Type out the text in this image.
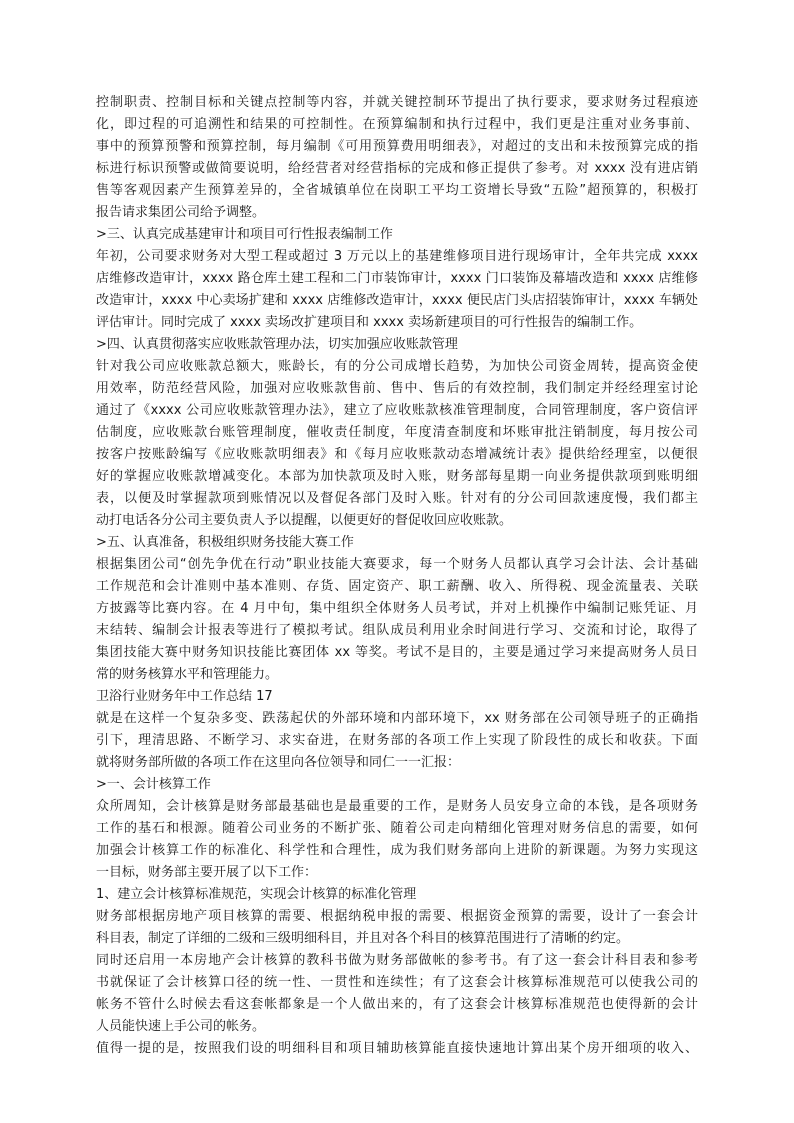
控制职责、控制目标和关键点控制等内容，并就关键控制环节提出了执行要求，要求财务过程痕迹
化，即过程的可追溯性和结果的可控制性。在预算编制和执行过程中，我们更是注重对业务事前、
事中的预算预警和预算控制，每月编制《可用预算费用明细表》，对超过的支出和未按预算完成的指
标进行标识预警或做简要说明，给经营者对经营指标的完成和修正提供了参考。对 xxxx 没有进店销
售等客观因素产生预算差异的，全省城镇单位在岗职工平均工资增长导致“五险”超预算的，积极打
报告请求集团公司给予调整。
>三、认真完成基建审计和项目可行性报表编制工作
年初，公司要求财务对大型工程或超过 3 万元以上的基建维修项目进行现场审计，全年共完成 xxxx
店维修改造审计，xxxx 路仓库土建工程和二门市装饰审计，xxxx 门口装饰及幕墙改造和 xxxx 店维修
改造审计，xxxx 中心卖场扩建和 xxxx 店维修改造审计，xxxx 便民店门头店招装饰审计，xxxx 车辆处
评估审计。同时完成了 xxxx 卖场改扩建项目和 xxxx 卖场新建项目的可行性报告的编制工作。
>四、认真贯彻落实应收账款管理办法，切实加强应收账款管理
针对我公司应收账款总额大，账龄长，有的分公司成增长趋势，为加快公司资金周转，提高资金使
用效率，防范经营风险，加强对应收账款售前、售中、售后的有效控制，我们制定并经经理室讨论
通过了《xxxx 公司应收账款管理办法》，建立了应收账款核准管理制度，合同管理制度，客户资信评
估制度，应收账款台账管理制度，催收责任制度，年度清查制度和坏账审批注销制度，每月按公司
按客户按账龄编写《应收账款明细表》和《每月应收账款动态增减统计表》提供给经理室，以便很
好的掌握应收账款增减变化。本部为加快款项及时入账，财务部每星期一向业务提供款项到账明细
表，以便及时掌握款项到账情况以及督促各部门及时入账。针对有的分公司回款速度慢，我们都主
动打电话各分公司主要负责人予以提醒，以便更好的督促收回应收账款。
>五、认真准备，积极组织财务技能大赛工作
根据集团公司“创先争优在行动”职业技能大赛要求，每一个财务人员都认真学习会计法、会计基础
工作规范和会计准则中基本准则、存货、固定资产、职工薪酬、收入、所得税、现金流量表、关联
方披露等比赛内容。在 4 月中旬，集中组织全体财务人员考试，并对上机操作中编制记账凭证、月
末结转、编制会计报表等进行了模拟考试。组队成员利用业余时间进行学习、交流和讨论，取得了
集团技能大赛中财务知识技能比赛团体 xx 等奖。考试不是目的，主要是通过学习来提高财务人员日
常的财务核算水平和管理能力。
卫浴行业财务年中工作总结 17
就是在这样一个复杂多变、跌荡起伏的外部环境和内部环境下，xx 财务部在公司领导班子的正确指
引下，理清思路、不断学习、求实奋进，在财务部的各项工作上实现了阶段性的成长和收获。下面
就将财务部所做的各项工作在这里向各位领导和同仁一一汇报：
>一、会计核算工作
众所周知，会计核算是财务部最基础也是最重要的工作，是财务人员安身立命的本钱，是各项财务
工作的基石和根源。随着公司业务的不断扩张、随着公司走向精细化管理对财务信息的需要，如何
加强会计核算工作的标准化、科学性和合理性，成为我们财务部向上进阶的新课题。为努力实现这
一目标，财务部主要开展了以下工作：
1、建立会计核算标准规范，实现会计核算的标准化管理
财务部根据房地产项目核算的需要、根据纳税申报的需要、根据资金预算的需要，设计了一套会计
科目表，制定了详细的二级和三级明细科目，并且对各个科目的核算范围进行了清晰的约定。
同时还启用一本房地产会计核算的教科书做为财务部做帐的参考书。有了这一套会计科目表和参考
书就保证了会计核算口径的统一性、一贯性和连续性；有了这套会计核算标准规范可以使我公司的
帐务不管什么时候去看这套帐都象是一个人做出来的，有了这套会计核算标准规范也使得新的会计
人员能快速上手公司的帐务。
值得一提的是，按照我们设的明细科目和项目辅助核算能直接快速地计算出某个房开细项的收入、
